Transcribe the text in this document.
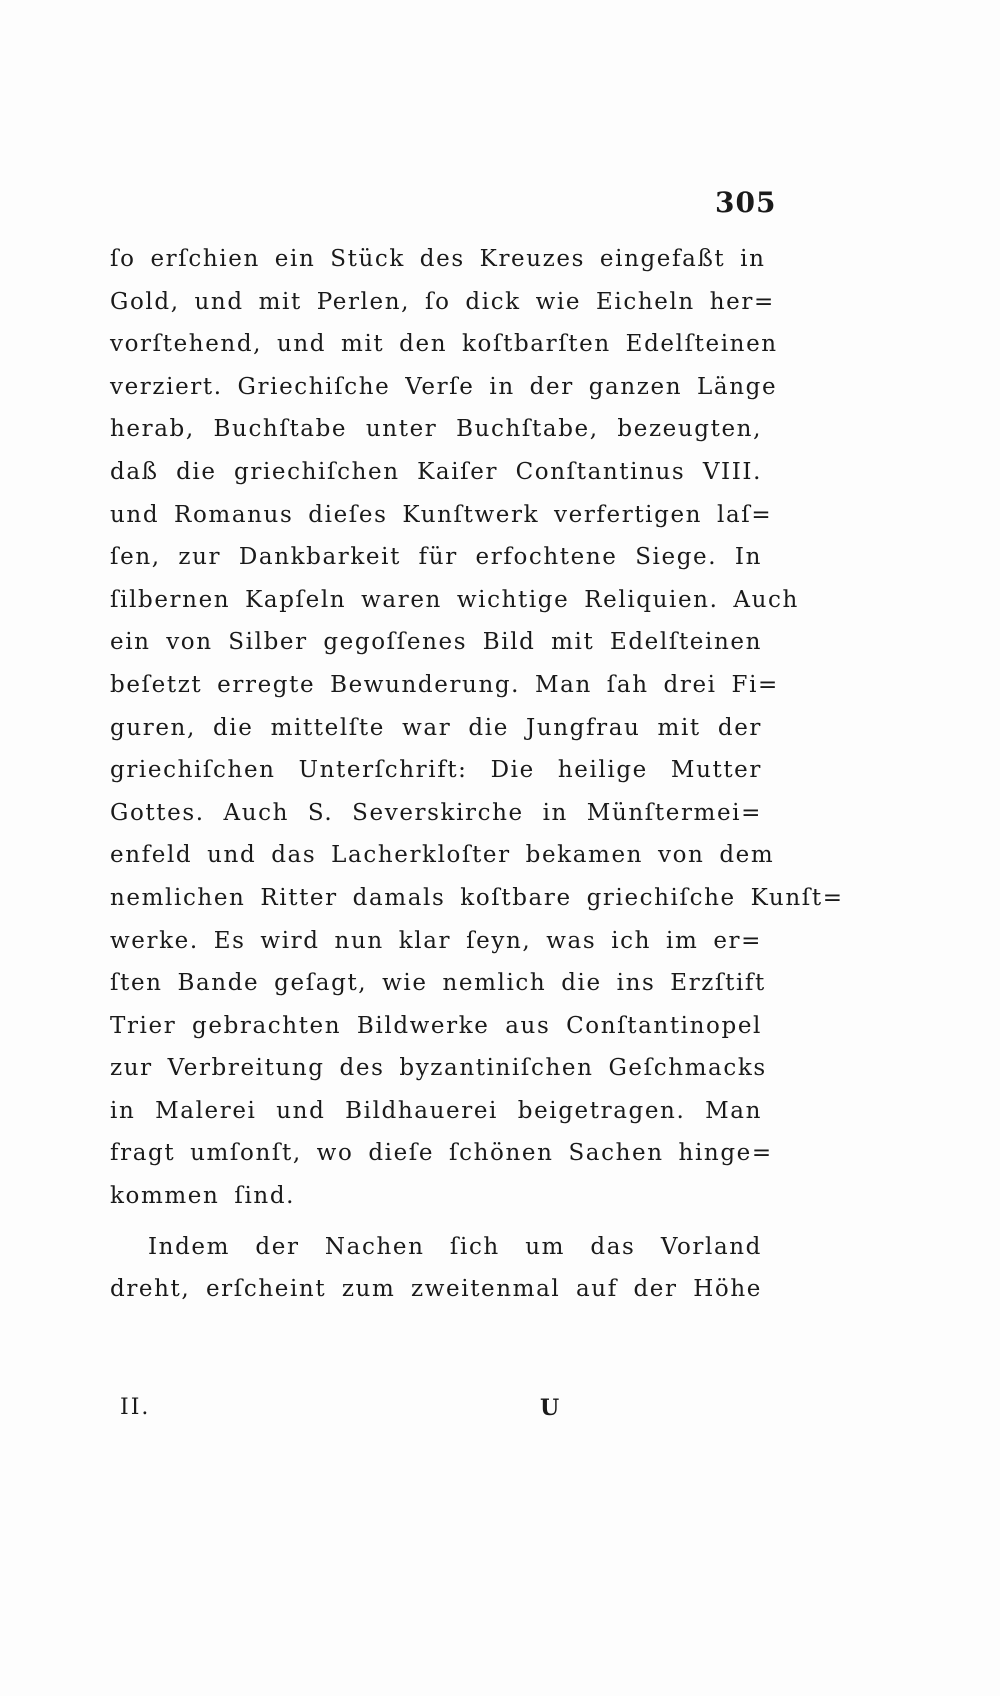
305
ſo erſchien ein Stück des Kreuzes eingefaßt in
Gold, und mit Perlen, ſo dick wie Eicheln her=
vorſtehend, und mit den koſtbarſten Edelſteinen
verziert. Griechiſche Verſe in der ganzen Länge
herab, Buchſtabe unter Buchſtabe, bezeugten,
daß die griechiſchen Kaiſer Conſtantinus VIII.
und Romanus dieſes Kunſtwerk verfertigen laſ=
ſen, zur Dankbarkeit für erfochtene Siege. In
ſilbernen Kapſeln waren wichtige Reliquien. Auch
ein von Silber gegoſſenes Bild mit Edelſteinen
beſetzt erregte Bewunderung. Man ſah drei Fi=
guren, die mittelſte war die Jungfrau mit der
griechiſchen Unterſchrift: Die heilige Mutter
Gottes. Auch S. Severskirche in Münſtermei=
enfeld und das Lacherkloſter bekamen von dem
nemlichen Ritter damals koſtbare griechiſche Kunſt=
werke. Es wird nun klar ſeyn, was ich im er=
ſten Bande geſagt, wie nemlich die ins Erzſtift
Trier gebrachten Bildwerke aus Conſtantinopel
zur Verbreitung des byzantiniſchen Geſchmacks
in Malerei und Bildhauerei beigetragen. Man
fragt umſonſt, wo dieſe ſchönen Sachen hinge=
kommen ſind.
Indem der Nachen ſich um das Vorland
dreht, erſcheint zum zweitenmal auf der Höhe
II.	U
